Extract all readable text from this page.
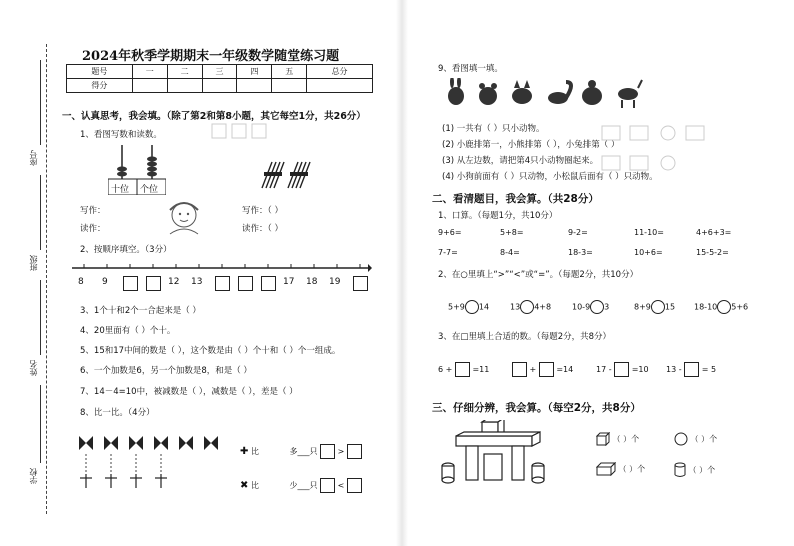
座号
班级
姓名
学校
2024年秋季学期期末一年级数学随堂练习题
题号	一	二	三	四	五	总分
得分						
一、认真思考，我会填。（除了第2和第8小题，其它每空1分，共26分）
1、看图写数和读数。
十位 个位
写作：
读作：
写作：（ ）
读作：（ ）
2、按顺序填空。（3分）
8 9	12 13	17 18 19
3、1个十和2个一合起来是（ ）
4、20里面有（ ）个十。
5、15和17中间的数是（ ），这个数是由（ ）个十和（ ）个一组成。
6、一个加数是6，另一个加数是8，和是（ ）
7、14－4=10中，被减数是（ ），减数是（ ），差是（ ）
8、比一比。（4分）
✚ 比	多___只	>
✖ 比	少___只	<
9、看图填一填。
(1) 一共有（ ）只小动物。
(2) 小鹿排第一，小熊排第（ ），小兔排第（ ）
(3) 从左边数，请把第4只小动物圈起来。
(4) 小狗前面有（ ）只动物，小松鼠后面有（ ）只动物。
二、看清题目，我会算。（共28分）
1、口算。（每题1分，共10分）
9+6=	5+8=	9-2=	11-10=	4+6+3=
7-7=	8-4=	18-3=	10+6=	15-5-2=
2、在○里填上“>”“<”或“=”。（每题2分，共10分）
5+9 14	13 4+8	10-9 3	8+9 15 18-10 5+6
3、在□里填上合适的数。（每题2分，共8分）
6 +	=11	+	=14	17 -	=10 13 -	= 5
三、仔细分辨，我会算。（每空2分，共8分）
（ ）个	（ ）个
（ ）个	（ ）个
